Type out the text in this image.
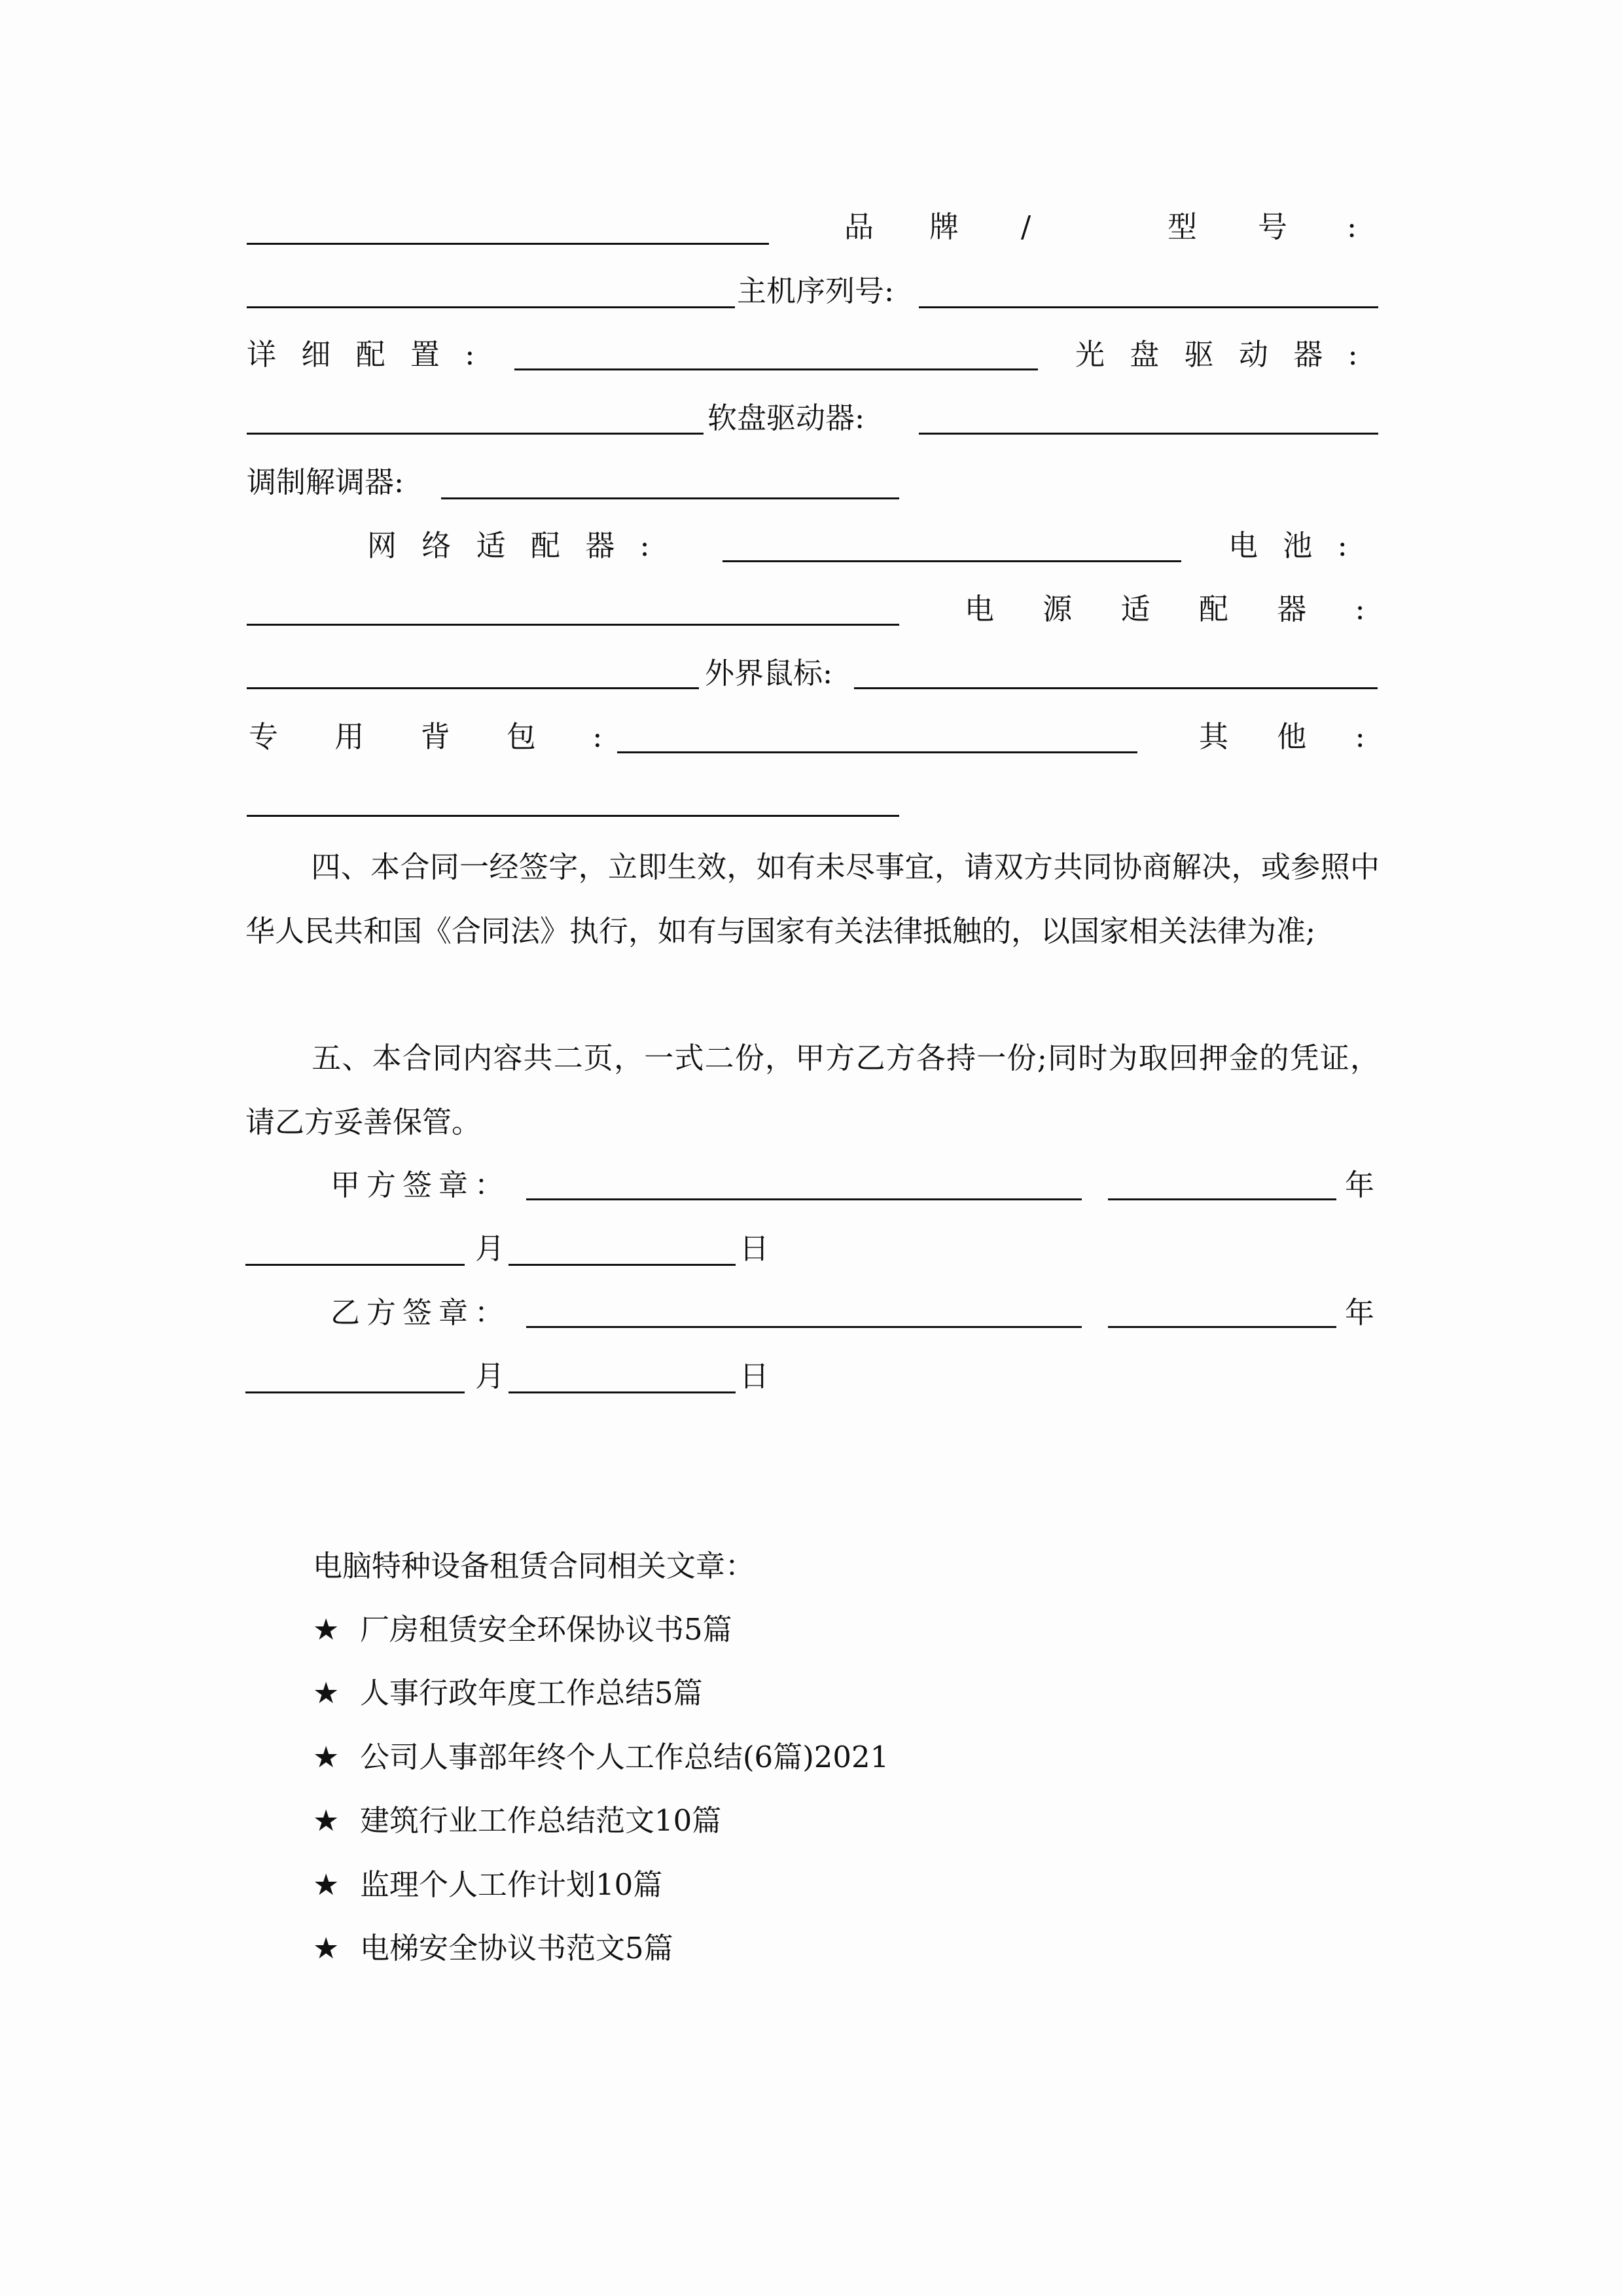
品 牌 /	型 号 :
主机序列号:
详 细 配 置 :	光 盘 驱 动 器 :
软盘驱动器:
调制解调器:
网 络 适 配 器 :	电 池 :
电 源 适 配 器 :
外界鼠标:
专 用 背 包 :	其 他 :
四、本合同一经签字，立即生效，如有未尽事宜，请双方共同协商解决，或参照中华人民共和国《合同法》执行，如有与国家有关法律抵触的，以国家相关法律为准;
五、本合同内容共二页，一式二份，甲方乙方各持一份;同时为取回押金的凭证，请乙方妥善保管。
甲方签章：	年
月	日
乙方签章：	年
月	日
电脑特种设备租赁合同相关文章：
★ 厂房租赁安全环保协议书5篇
★ 人事行政年度工作总结5篇
★ 公司人事部年终个人工作总结(6篇)2021
★ 建筑行业工作总结范文10篇
★ 监理个人工作计划10篇
★ 电梯安全协议书范文5篇
